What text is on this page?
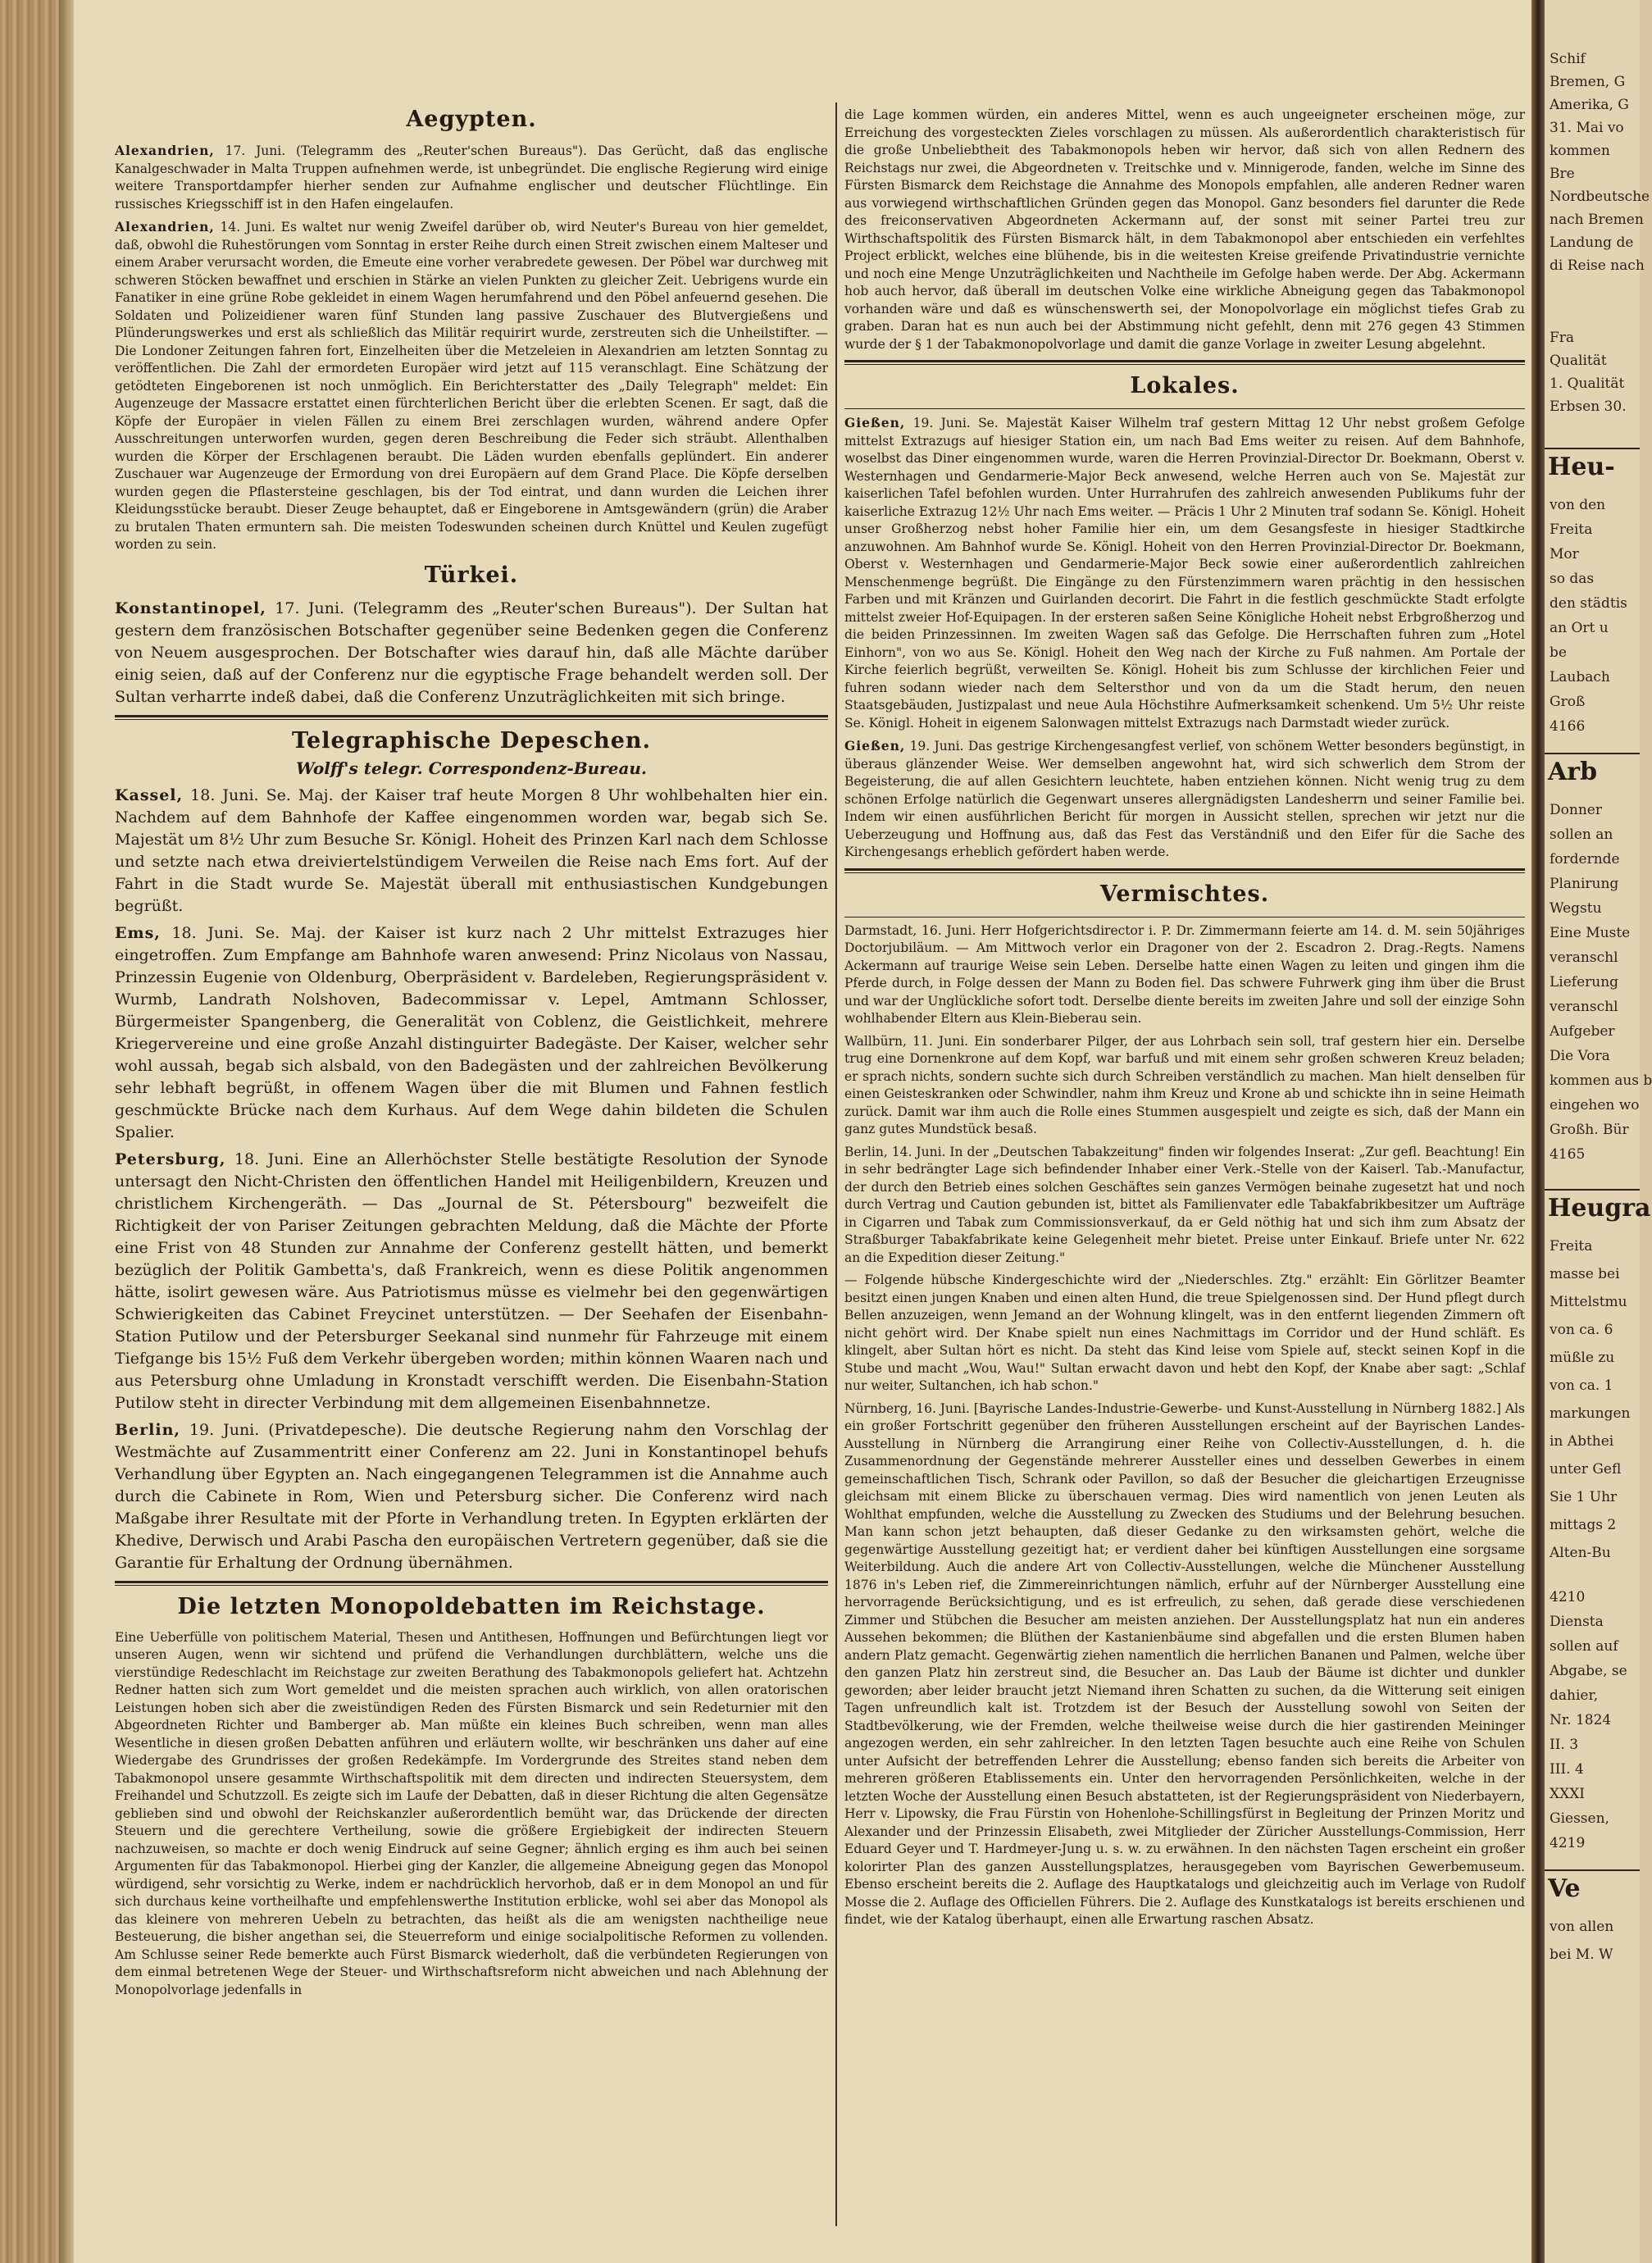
Aegypten.

Alexandrien, 17. Juni. (Telegramm des „Reuter'schen Bureaus"). Das Gerücht, daß das englische Kanalgeschwader in Malta Truppen aufnehmen werde, ist unbegründet. Die englische Regierung wird einige weitere Transportdampfer hierher senden zur Aufnahme englischer und deutscher Flüchtlinge. Ein russisches Kriegsschiff ist in den Hafen eingelaufen.

Alexandrien, 14. Juni. Es waltet nur wenig Zweifel darüber ob, wird Neuter's Bureau von hier gemeldet, daß, obwohl die Ruhestörungen vom Sonntag in erster Reihe durch einen Streit zwischen einem Malteser und einem Araber verursacht worden, die Emeute eine vorher verabredete gewesen. Der Pöbel war durchweg mit schweren Stöcken bewaffnet und erschien in Stärke an vielen Punkten zu gleicher Zeit. Uebrigens wurde ein Fanatiker in eine grüne Robe gekleidet in einem Wagen herumfahrend und den Pöbel anfeuernd gesehen. Die Soldaten und Polizeidiener waren fünf Stunden lang passive Zuschauer des Blutvergießens und Plünderungswerkes und erst als schließlich das Militär requirirt wurde, zerstreuten sich die Unheilstifter. — Die Londoner Zeitungen fahren fort, Einzelheiten über die Metzeleien in Alexandrien am letzten Sonntag zu veröffentlichen. Die Zahl der ermordeten Europäer wird jetzt auf 115 veranschlagt. Eine Schätzung der getödteten Eingeborenen ist noch unmöglich. Ein Berichterstatter des „Daily Telegraph" meldet: Ein Augenzeuge der Massacre erstattet einen fürchterlichen Bericht über die erlebten Scenen. Er sagt, daß die Köpfe der Europäer in vielen Fällen zu einem Brei zerschlagen wurden, während andere Opfer Ausschreitungen unterworfen wurden, gegen deren Beschreibung die Feder sich sträubt. Allenthalben wurden die Körper der Erschlagenen beraubt. Die Läden wurden ebenfalls geplündert. Ein anderer Zuschauer war Augenzeuge der Ermordung von drei Europäern auf dem Grand Place. Die Köpfe derselben wurden gegen die Pflastersteine geschlagen, bis der Tod eintrat, und dann wurden die Leichen ihrer Kleidungsstücke beraubt. Dieser Zeuge behauptet, daß er Eingeborene in Amtsgewändern (grün) die Araber zu brutalen Thaten ermuntern sah. Die meisten Todeswunden scheinen durch Knüttel und Keulen zugefügt worden zu sein.

Türkei.

Konstantinopel, 17. Juni. (Telegramm des „Reuter'schen Bureaus"). Der Sultan hat gestern dem französischen Botschafter gegenüber seine Bedenken gegen die Conferenz von Neuem ausgesprochen. Der Botschafter wies darauf hin, daß alle Mächte darüber einig seien, daß auf der Conferenz nur die egyptische Frage behandelt werden soll. Der Sultan verharrte indeß dabei, daß die Conferenz Unzuträglichkeiten mit sich bringe.

Telegraphische Depeschen.
Wolff's telegr. Correspondenz-Bureau.

Kassel, 18. Juni. Se. Maj. der Kaiser traf heute Morgen 8 Uhr wohlbehalten hier ein. Nachdem auf dem Bahnhofe der Kaffee eingenommen worden war, begab sich Se. Majestät um 8½ Uhr zum Besuche Sr. Königl. Hoheit des Prinzen Karl nach dem Schlosse und setzte nach etwa dreiviertelstündigem Verweilen die Reise nach Ems fort. Auf der Fahrt in die Stadt wurde Se. Majestät überall mit enthusiastischen Kundgebungen begrüßt.

Ems, 18. Juni. Se. Maj. der Kaiser ist kurz nach 2 Uhr mittelst Extrazuges hier eingetroffen. Zum Empfange am Bahnhofe waren anwesend: Prinz Nicolaus von Nassau, Prinzessin Eugenie von Oldenburg, Oberpräsident v. Bardeleben, Regierungspräsident v. Wurmb, Landrath Nolshoven, Badecommissar v. Lepel, Amtmann Schlosser, Bürgermeister Spangenberg, die Generalität von Coblenz, die Geistlichkeit, mehrere Kriegervereine und eine große Anzahl distinguirter Badegäste. Der Kaiser, welcher sehr wohl aussah, begab sich alsbald, von den Badegästen und der zahlreichen Bevölkerung sehr lebhaft begrüßt, in offenem Wagen über die mit Blumen und Fahnen festlich geschmückte Brücke nach dem Kurhaus. Auf dem Wege dahin bildeten die Schulen Spalier.

Petersburg, 18. Juni. Eine an Allerhöchster Stelle bestätigte Resolution der Synode untersagt den Nicht-Christen den öffentlichen Handel mit Heiligenbildern, Kreuzen und christlichem Kirchengeräth. — Das „Journal de St. Pétersbourg" bezweifelt die Richtigkeit der von Pariser Zeitungen gebrachten Meldung, daß die Mächte der Pforte eine Frist von 48 Stunden zur Annahme der Conferenz gestellt hätten, und bemerkt bezüglich der Politik Gambetta's, daß Frankreich, wenn es diese Politik angenommen hätte, isolirt gewesen wäre. Aus Patriotismus müsse es vielmehr bei den gegenwärtigen Schwierigkeiten das Cabinet Freycinet unterstützen. — Der Seehafen der Eisenbahn-Station Putilow und der Petersburger Seekanal sind nunmehr für Fahrzeuge mit einem Tiefgange bis 15½ Fuß dem Verkehr übergeben worden; mithin können Waaren nach und aus Petersburg ohne Umladung in Kronstadt verschifft werden. Die Eisenbahn-Station Putilow steht in directer Verbindung mit dem allgemeinen Eisenbahnnetze.

Berlin, 19. Juni. (Privatdepesche). Die deutsche Regierung nahm den Vorschlag der Westmächte auf Zusammentritt einer Conferenz am 22. Juni in Konstantinopel behufs Verhandlung über Egypten an. Nach eingegangenen Telegrammen ist die Annahme auch durch die Cabinete in Rom, Wien und Petersburg sicher. Die Conferenz wird nach Maßgabe ihrer Resultate mit der Pforte in Verhandlung treten. In Egypten erklärten der Khedive, Derwisch und Arabi Pascha den europäischen Vertretern gegenüber, daß sie die Garantie für Erhaltung der Ordnung übernähmen.

Die letzten Monopoldebatten im Reichstage.

Eine Ueberfülle von politischem Material, Thesen und Antithesen, Hoffnungen und Befürchtungen liegt vor unseren Augen, wenn wir sichtend und prüfend die Verhandlungen durchblättern, welche uns die vierstündige Redeschlacht im Reichstage zur zweiten Berathung des Tabakmonopols geliefert hat. Achtzehn Redner hatten sich zum Wort gemeldet und die meisten sprachen auch wirklich, von allen oratorischen Leistungen hoben sich aber die zweistündigen Reden des Fürsten Bismarck und sein Redeturnier mit den Abgeordneten Richter und Bamberger ab. Man müßte ein kleines Buch schreiben, wenn man alles Wesentliche in diesen großen Debatten anführen und erläutern wollte, wir beschränken uns daher auf eine Wiedergabe des Grundrisses der großen Redekämpfe. Im Vordergrunde des Streites stand neben dem Tabakmonopol unsere gesammte Wirthschaftspolitik mit dem directen und indirecten Steuersystem, dem Freihandel und Schutzzoll. Es zeigte sich im Laufe der Debatten, daß in dieser Richtung die alten Gegensätze geblieben sind und obwohl der Reichskanzler außerordentlich bemüht war, das Drückende der directen Steuern und die gerechtere Vertheilung, sowie die größere Ergiebigkeit der indirecten Steuern nachzuweisen, so machte er doch wenig Eindruck auf seine Gegner; ähnlich erging es ihm auch bei seinen Argumenten für das Tabakmonopol. Hierbei ging der Kanzler, die allgemeine Abneigung gegen das Monopol würdigend, sehr vorsichtig zu Werke, indem er nachdrücklich hervorhob, daß er in dem Monopol an und für sich durchaus keine vortheilhafte und empfehlenswerthe Institution erblicke, wohl sei aber das Monopol als das kleinere von mehreren Uebeln zu betrachten, das heißt als die am wenigsten nachtheilige neue Besteuerung, die bisher angethan sei, die Steuerreform und einige socialpolitische Reformen zu vollenden. Am Schlusse seiner Rede bemerkte auch Fürst Bismarck wiederholt, daß die verbündeten Regierungen von dem einmal betretenen Wege der Steuer- und Wirthschaftsreform nicht abweichen und nach Ablehnung der Monopolvorlage jedenfalls in

die Lage kommen würden, ein anderes Mittel, wenn es auch ungeeigneter erscheinen möge, zur Erreichung des vorgesteckten Zieles vorschlagen zu müssen. Als außerordentlich charakteristisch für die große Unbeliebtheit des Tabakmonopols heben wir hervor, daß sich von allen Rednern des Reichstags nur zwei, die Abgeordneten v. Treitschke und v. Minnigerode, fanden, welche im Sinne des Fürsten Bismarck dem Reichstage die Annahme des Monopols empfahlen, alle anderen Redner waren aus vorwiegend wirthschaftlichen Gründen gegen das Monopol. Ganz besonders fiel darunter die Rede des freiconservativen Abgeordneten Ackermann auf, der sonst mit seiner Partei treu zur Wirthschaftspolitik des Fürsten Bismarck hält, in dem Tabakmonopol aber entschieden ein verfehltes Project erblickt, welches eine blühende, bis in die weitesten Kreise greifende Privatindustrie vernichte und noch eine Menge Unzuträglichkeiten und Nachtheile im Gefolge haben werde. Der Abg. Ackermann hob auch hervor, daß überall im deutschen Volke eine wirkliche Abneigung gegen das Tabakmonopol vorhanden wäre und daß es wünschenswerth sei, der Monopolvorlage ein möglichst tiefes Grab zu graben. Daran hat es nun auch bei der Abstimmung nicht gefehlt, denn mit 276 gegen 43 Stimmen wurde der § 1 der Tabakmonopolvorlage und damit die ganze Vorlage in zweiter Lesung abgelehnt.

Lokales.

Gießen, 19. Juni. Se. Majestät Kaiser Wilhelm traf gestern Mittag 12 Uhr nebst großem Gefolge mittelst Extrazugs auf hiesiger Station ein, um nach Bad Ems weiter zu reisen. Auf dem Bahnhofe, woselbst das Diner eingenommen wurde, waren die Herren Provinzial-Director Dr. Boekmann, Oberst v. Westernhagen und Gendarmerie-Major Beck anwesend, welche Herren auch von Se. Majestät zur kaiserlichen Tafel befohlen wurden. Unter Hurrahrufen des zahlreich anwesenden Publikums fuhr der kaiserliche Extrazug 12½ Uhr nach Ems weiter. — Präcis 1 Uhr 2 Minuten traf sodann Se. Königl. Hoheit unser Großherzog nebst hoher Familie hier ein, um dem Gesangsfeste in hiesiger Stadtkirche anzuwohnen. Am Bahnhof wurde Se. Königl. Hoheit von den Herren Provinzial-Director Dr. Boekmann, Oberst v. Westernhagen und Gendarmerie-Major Beck sowie einer außerordentlich zahlreichen Menschenmenge begrüßt. Die Eingänge zu den Fürstenzimmern waren prächtig in den hessischen Farben und mit Kränzen und Guirlanden decorirt. Die Fahrt in die festlich geschmückte Stadt erfolgte mittelst zweier Hof-Equipagen. In der ersteren saßen Seine Königliche Hoheit nebst Erbgroßherzog und die beiden Prinzessinnen. Im zweiten Wagen saß das Gefolge. Die Herrschaften fuhren zum „Hotel Einhorn", von wo aus Se. Königl. Hoheit den Weg nach der Kirche zu Fuß nahmen. Am Portale der Kirche feierlich begrüßt, verweilten Se. Königl. Hoheit bis zum Schlusse der kirchlichen Feier und fuhren sodann wieder nach dem Seltersthor und von da um die Stadt herum, den neuen Staatsgebäuden, Justizpalast und neue Aula Höchstihre Aufmerksamkeit schenkend. Um 5½ Uhr reiste Se. Königl. Hoheit in eigenem Salonwagen mittelst Extrazugs nach Darmstadt wieder zurück.

Gießen, 19. Juni. Das gestrige Kirchengesangfest verlief, von schönem Wetter besonders begünstigt, in überaus glänzender Weise. Wer demselben angewohnt hat, wird sich schwerlich dem Strom der Begeisterung, die auf allen Gesichtern leuchtete, haben entziehen können. Nicht wenig trug zu dem schönen Erfolge natürlich die Gegenwart unseres allergnädigsten Landesherrn und seiner Familie bei. Indem wir einen ausführlichen Bericht für morgen in Aussicht stellen, sprechen wir jetzt nur die Ueberzeugung und Hoffnung aus, daß das Fest das Verständniß und den Eifer für die Sache des Kirchengesangs erheblich gefördert haben werde.

Vermischtes.

Darmstadt, 16. Juni. Herr Hofgerichtsdirector i. P. Dr. Zimmermann feierte am 14. d. M. sein 50jähriges Doctorjubiläum. — Am Mittwoch verlor ein Dragoner von der 2. Escadron 2. Drag.-Regts. Namens Ackermann auf traurige Weise sein Leben. Derselbe hatte einen Wagen zu leiten und gingen ihm die Pferde durch, in Folge dessen der Mann zu Boden fiel. Das schwere Fuhrwerk ging ihm über die Brust und war der Unglückliche sofort todt. Derselbe diente bereits im zweiten Jahre und soll der einzige Sohn wohlhabender Eltern aus Klein-Bieberau sein.

Wallbürn, 11. Juni. Ein sonderbarer Pilger, der aus Lohrbach sein soll, traf gestern hier ein. Derselbe trug eine Dornenkrone auf dem Kopf, war barfuß und mit einem sehr großen schweren Kreuz beladen; er sprach nichts, sondern suchte sich durch Schreiben verständlich zu machen. Man hielt denselben für einen Geisteskranken oder Schwindler, nahm ihm Kreuz und Krone ab und schickte ihn in seine Heimath zurück. Damit war ihm auch die Rolle eines Stummen ausgespielt und zeigte es sich, daß der Mann ein ganz gutes Mundstück besaß.

Berlin, 14. Juni. In der „Deutschen Tabakzeitung" finden wir folgendes Inserat: „Zur gefl. Beachtung! Ein in sehr bedrängter Lage sich befindender Inhaber einer Verk.-Stelle von der Kaiserl. Tab.-Manufactur, der durch den Betrieb eines solchen Geschäftes sein ganzes Vermögen beinahe zugesetzt hat und noch durch Vertrag und Caution gebunden ist, bittet als Familienvater edle Tabakfabrikbesitzer um Aufträge in Cigarren und Tabak zum Commissionsverkauf, da er Geld nöthig hat und sich ihm zum Absatz der Straßburger Tabakfabrikate keine Gelegenheit mehr bietet. Preise unter Einkauf. Briefe unter Nr. 622 an die Expedition dieser Zeitung."

— Folgende hübsche Kindergeschichte wird der „Niederschles. Ztg." erzählt: Ein Görlitzer Beamter besitzt einen jungen Knaben und einen alten Hund, die treue Spielgenossen sind. Der Hund pflegt durch Bellen anzuzeigen, wenn Jemand an der Wohnung klingelt, was in den entfernt liegenden Zimmern oft nicht gehört wird. Der Knabe spielt nun eines Nachmittags im Corridor und der Hund schläft. Es klingelt, aber Sultan hört es nicht. Da steht das Kind leise vom Spiele auf, steckt seinen Kopf in die Stube und macht „Wou, Wau!" Sultan erwacht davon und hebt den Kopf, der Knabe aber sagt: „Schlaf nur weiter, Sultanchen, ich hab schon."

Nürnberg, 16. Juni. [Bayrische Landes-Industrie-Gewerbe- und Kunst-Ausstellung in Nürnberg 1882.] Als ein großer Fortschritt gegenüber den früheren Ausstellungen erscheint auf der Bayrischen Landes-Ausstellung in Nürnberg die Arrangirung einer Reihe von Collectiv-Ausstellungen, d. h. die Zusammenordnung der Gegenstände mehrerer Aussteller eines und desselben Gewerbes in einem gemeinschaftlichen Tisch, Schrank oder Pavillon, so daß der Besucher die gleichartigen Erzeugnisse gleichsam mit einem Blicke zu überschauen vermag. Dies wird namentlich von jenen Leuten als Wohlthat empfunden, welche die Ausstellung zu Zwecken des Studiums und der Belehrung besuchen. Man kann schon jetzt behaupten, daß dieser Gedanke zu den wirksamsten gehört, welche die gegenwärtige Ausstellung gezeitigt hat; er verdient daher bei künftigen Ausstellungen eine sorgsame Weiterbildung. Auch die andere Art von Collectiv-Ausstellungen, welche die Münchener Ausstellung 1876 in's Leben rief, die Zimmereinrichtungen nämlich, erfuhr auf der Nürnberger Ausstellung eine hervorragende Berücksichtigung, und es ist erfreulich, zu sehen, daß gerade diese verschiedenen Zimmer und Stübchen die Besucher am meisten anziehen. Der Ausstellungsplatz hat nun ein anderes Aussehen bekommen; die Blüthen der Kastanienbäume sind abgefallen und die ersten Blumen haben andern Platz gemacht. Gegenwärtig ziehen namentlich die herrlichen Bananen und Palmen, welche über den ganzen Platz hin zerstreut sind, die Besucher an. Das Laub der Bäume ist dichter und dunkler geworden; aber leider braucht jetzt Niemand ihren Schatten zu suchen, da die Witterung seit einigen Tagen unfreundlich kalt ist. Trotzdem ist der Besuch der Ausstellung sowohl von Seiten der Stadtbevölkerung, wie der Fremden, welche theilweise weise durch die hier gastirenden Meininger angezogen werden, ein sehr zahlreicher. In den letzten Tagen besuchte auch eine Reihe von Schulen unter Aufsicht der betreffenden Lehrer die Ausstellung; ebenso fanden sich bereits die Arbeiter von mehreren größeren Etablissements ein. Unter den hervorragenden Persönlichkeiten, welche in der letzten Woche der Ausstellung einen Besuch abstatteten, ist der Regierungspräsident von Niederbayern, Herr v. Lipowsky, die Frau Fürstin von Hohenlohe-Schillingsfürst in Begleitung der Prinzen Moritz und Alexander und der Prinzessin Elisabeth, zwei Mitglieder der Züricher Ausstellungs-Commission, Herr Eduard Geyer und T. Hardmeyer-Jung u. s. w. zu erwähnen. In den nächsten Tagen erscheint ein großer kolorirter Plan des ganzen Ausstellungsplatzes, herausgegeben vom Bayrischen Gewerbemuseum. Ebenso erscheint bereits die 2. Auflage des Hauptkatalogs und gleichzeitig auch im Verlage von Rudolf Mosse die 2. Auflage des Officiellen Führers. Die 2. Auflage des Kunstkatalogs ist bereits erschienen und findet, wie der Katalog überhaupt, einen alle Erwartung raschen Absatz.

Schif
Bremen, G
Amerika, G
31. Mai vo
kommen
Bre
Nordbeutsche
nach Bremen
Landung de
di Reise nach
Fra
Qualität
1. Qualität
Erbsen 30.
Heu-
von den
Freita
Mor
so das
den städtis
an Ort u
be
Laubach
Groß
4166
Arb
Donner
sollen an
fordernde
Planirung
Wegstu
Eine Muste
veranschl
Lieferung
veranschl
Aufgeber
Die Vora
kommen aus b
eingehen wo
Großh. Bür
4165
Heugra
Freita
masse bei
Mittelstmu
von ca. 6
müßle zu
von ca. 1
markungen
in Abthei
unter Gefl
Sie 1 Uhr
mittags 2
Alten-Bu
4210
Diensta
sollen auf
Abgabe, se
dahier,
Nr. 1824
II. 3
III. 4
XXXI
Giessen,
4219
Ve
von allen
bei M. W
